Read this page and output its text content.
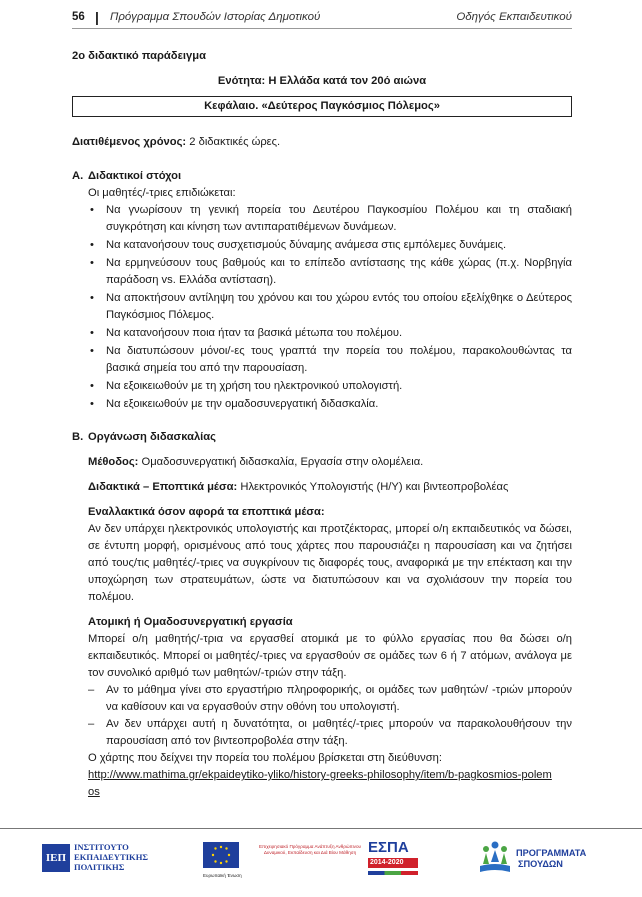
56 | Πρόγραμμα Σπουδών Ιστορίας Δημοτικού	Οδηγός Εκπαιδευτικού
2ο διδακτικό παράδειγμα
Ενότητα: Η Ελλάδα κατά τον 20ό αιώνα
Κεφάλαιο. «Δεύτερος Παγκόσμιος Πόλεμος»
Διατιθέμενος χρόνος: 2 διδακτικές ώρες.
Α. Διδακτικοί στόχοι
Οι μαθητές/-τριες επιδιώκεται:
• Να γνωρίσουν τη γενική πορεία του Δευτέρου Παγκοσμίου Πολέμου και τη σταδιακή συγκρότηση και κίνηση των αντιπαρατιθέμενων δυνάμεων.
• Να κατανοήσουν τους συσχετισμούς δύναμης ανάμεσα στις εμπόλεμες δυνάμεις.
• Να ερμηνεύσουν τους βαθμούς και το επίπεδο αντίστασης της κάθε χώρας (π.χ. Νορβηγία παράδοση vs. Ελλάδα αντίσταση).
• Να αποκτήσουν αντίληψη του χρόνου και του χώρου εντός του οποίου εξελίχθηκε ο Δεύτερος Παγκόσμιος Πόλεμος.
• Να κατανοήσουν ποια ήταν τα βασικά μέτωπα του πολέμου.
• Να διατυπώσουν μόνοι/-ες τους γραπτά την πορεία του πολέμου, παρακολουθώντας τα βασικά σημεία του από την παρουσίαση.
• Να εξοικειωθούν με τη χρήση του ηλεκτρονικού υπολογιστή.
• Να εξοικειωθούν με την ομαδοσυνεργατική διδασκαλία.
Β. Οργάνωση διδασκαλίας
Μέθοδος: Ομαδοσυνεργατική διδασκαλία, Εργασία στην ολομέλεια.
Διδακτικά – Εποπτικά μέσα: Ηλεκτρονικός Υπολογιστής (Η/Υ) και βιντεοπροβολέας
Εναλλακτικά όσον αφορά τα εποπτικά μέσα:
Αν δεν υπάρχει ηλεκτρονικός υπολογιστής και προτζέκτορας, μπορεί ο/η εκπαιδευτικός να δώσει, σε έντυπη μορφή, ορισμένους από τους χάρτες που παρουσιάζει η παρουσίαση και να ζητήσει από τους/τις μαθητές/-τριες να συγκρίνουν τις διαφορές τους, αναφορικά με την επέκταση και την υποχώρηση των στρατευμάτων, ώστε να διατυπώσουν και να σχολιάσουν την πορεία του πολέμου.
Ατομική ή Ομαδοσυνεργατική εργασία
Μπορεί ο/η μαθητής/-τρια να εργασθεί ατομικά με το φύλλο εργασίας που θα δώσει ο/η εκπαιδευτικός. Μπορεί οι μαθητές/-τριες να εργασθούν σε ομάδες των 6 ή 7 ατόμων, ανάλογα με τον συνολικό αριθμό των μαθητών/-τριών στην τάξη.
– Αν το μάθημα γίνει στο εργαστήριο πληροφορικής, οι ομάδες των μαθητών/ -τριών μπορούν να καθίσουν και να εργασθούν στην οθόνη του υπολογιστή.
– Αν δεν υπάρχει αυτή η δυνατότητα, οι μαθητές/-τριες μπορούν να παρακολουθήσουν την παρουσίαση από τον βιντεοπροβολέα στην τάξη.
Ο χάρτης που δείχνει την πορεία του πολέμου βρίσκεται στη διεύθυνση:
http://www.mathima.gr/ekpaideytiko-yliko/history-greeks-philosophy/item/b-pagkosmios-polemos
ΙΕΠ
ΙΝΣΤΙΤΟΥΤΟ
ΕΚΠΑΙΔΕΥΤΙΚΗΣ
ΠΟΛΙΤΙΚΗΣ
Ευρωπαϊκή Ένωση
Επιχειρησιακό Πρόγραμμα Ανάπτυξη Ανθρώπινου Δυναμικού, Εκπαίδευση και Διά Βίου Μάθηση ΕΣΠΑ
2014-2020
ΠΡΟΓΡΑΜΜΑΤΑ
ΣΠΟΥΔΩΝ
